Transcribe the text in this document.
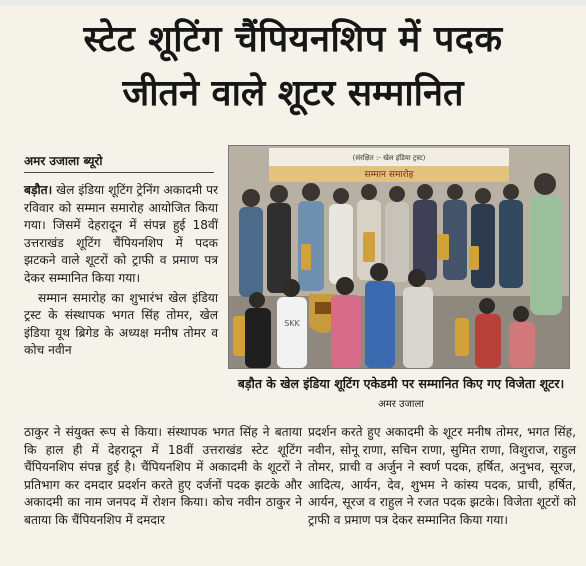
स्टेट शूटिंग चैंपियनशिप में पदक
जीतने वाले शूटर सम्मानित
अमर उजाला ब्यूरो

बड़ौत। खेल इंडिया शूटिंग ट्रेनिंग अकादमी पर रविवार को सम्मान समारोह आयोजित किया गया। जिसमें देहरादून में संपन्न हुई 18वीं उत्तराखंड शूटिंग चैंपियनशिप में पदक झटकने वाले शूटरों को ट्राफी व प्रमाण पत्र देकर सम्मानित किया गया।

सम्मान समारोह का शुभारंभ खेल इंडिया ट्रस्ट के संस्थापक भगत सिंह तोमर, खेल इंडिया यूथ ब्रिगेड के अध्यक्ष मनीष तोमर व कोच नवीन

ठाकुर ने संयुक्त रूप से किया। संस्थापक भगत सिंह ने बताया कि हाल ही में देहरादून में 18वीं उत्तराखंड स्टेट शूटिंग चैंपियनशिप संपन्न हुई है। चैंपियनशिप में अकादमी के शूटरों ने प्रतिभाग कर दमदार प्रदर्शन करते हुए दर्जनों पदक झटके और अकादमी का नाम जनपद में रोशन किया। कोच नवीन ठाकुर ने बताया कि चैंपियनशिप में दमदार

प्रदर्शन करते हुए अकादमी के शूटर मनीष तोमर, भगत सिंह, नवीन, सोनू राणा, सचिन राणा, सुमित राणा, विशुराज, राहुल तोमर, प्राची व अर्जुन ने स्वर्ण पदक, हर्षित, अनुभव, सूरज, आदित्य, आर्यन, देव, शुभम ने कांस्य पदक, प्राची, हर्षित, आर्यन, सूरज व राहुल ने रजत पदक झटके। विजेता शूटरों को ट्राफी व प्रमाण पत्र देकर सम्मानित किया गया।

(संरक्षित :- खेल इंडिया ट्रस्ट)
सम्मान समारोह
SKK
बड़ौत के खेल इंडिया शूटिंग एकेडमी पर सम्मानित किए गए विजेता शूटर। अमर उजाला
